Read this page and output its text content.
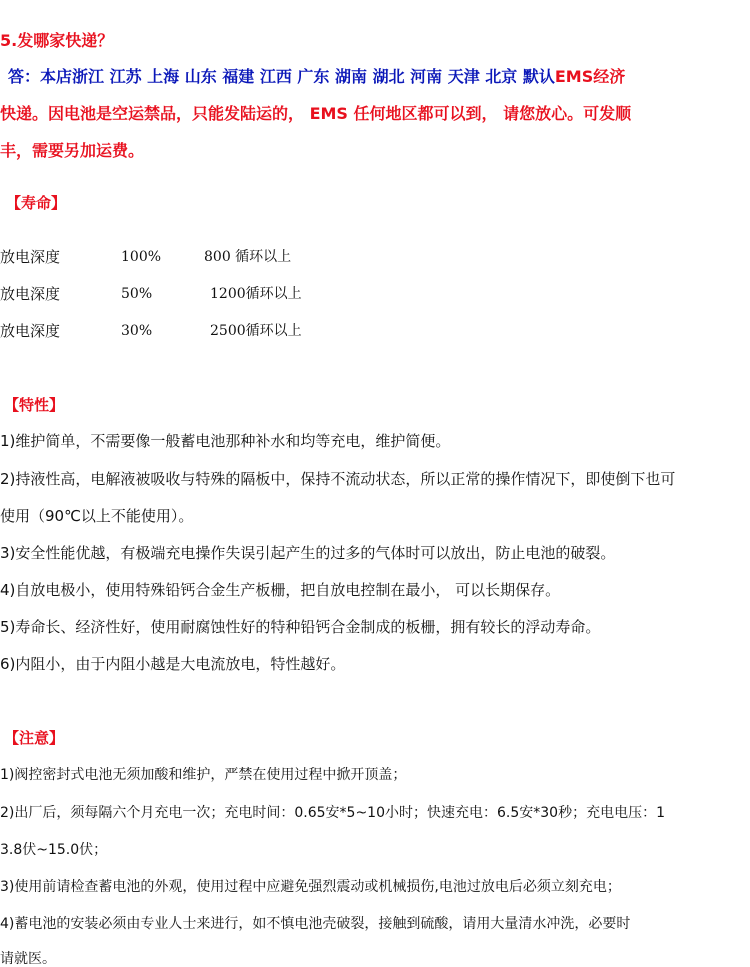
5.发哪家快递？
答：本店浙江 江苏 上海 山东 福建 江西 广东 湖南 湖北 河南 天津 北京 默认EMS经济
快递。因电池是空运禁品，只能发陆运的， EMS 任何地区都可以到， 请您放心。可发顺
丰，需要另加运费。
【寿命】
放电深度	100%	800 循环以上
放电深度	50%	1200循环以上
放电深度	30%	2500循环以上
【特性】
1)维护简单，不需要像一般蓄电池那种补水和均等充电，维护简便。
2)持液性高，电解液被吸收与特殊的隔板中，保持不流动状态，所以正常的操作情况下，即使倒下也可
使用（90℃以上不能使用）。
3)安全性能优越，有极端充电操作失误引起产生的过多的气体时可以放出，防止电池的破裂。
4)自放电极小，使用特殊铅钙合金生产板栅，把自放电控制在最小， 可以长期保存。
5)寿命长、经济性好，使用耐腐蚀性好的特种铅钙合金制成的板栅，拥有较长的浮动寿命。
6)内阻小，由于内阻小越是大电流放电，特性越好。
【注意】
1)阀控密封式电池无须加酸和维护，严禁在使用过程中掀开顶盖；
2)出厂后，须每隔六个月充电一次；充电时间：0.65安*5~10小时；快速充电：6.5安*30秒；充电电压：1
3.8伏~15.0伏；
3)使用前请检查蓄电池的外观，使用过程中应避免强烈震动或机械损伤,电池过放电后必须立刻充电；
4)蓄电池的安装必须由专业人士来进行，如不慎电池壳破裂，接触到硫酸，请用大量清水冲洗，必要时
请就医。
